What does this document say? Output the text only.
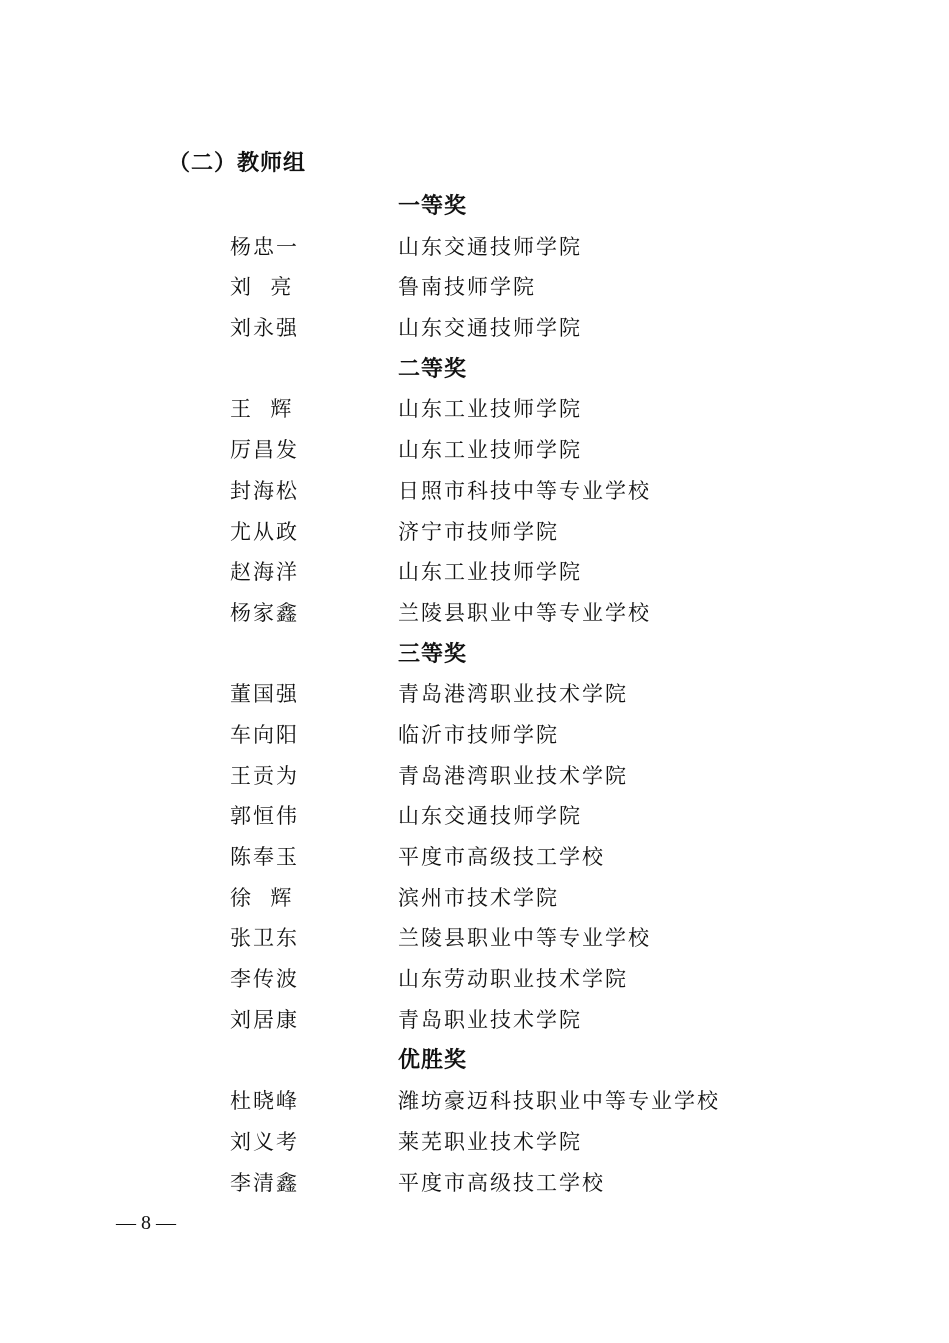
（二）教师组
一等奖
杨忠一	山东交通技师学院
刘  亮	鲁南技师学院
刘永强	山东交通技师学院
二等奖
王  辉	山东工业技师学院
厉昌发	山东工业技师学院
封海松	日照市科技中等专业学校
尤从政	济宁市技师学院
赵海洋	山东工业技师学院
杨家鑫	兰陵县职业中等专业学校
三等奖
董国强	青岛港湾职业技术学院
车向阳	临沂市技师学院
王贡为	青岛港湾职业技术学院
郭恒伟	山东交通技师学院
陈奉玉	平度市高级技工学校
徐  辉	滨州市技术学院
张卫东	兰陵县职业中等专业学校
李传波	山东劳动职业技术学院
刘居康	青岛职业技术学院
优胜奖
杜晓峰	潍坊豪迈科技职业中等专业学校
刘义考	莱芜职业技术学院
李清鑫	平度市高级技工学校
— 8 —
